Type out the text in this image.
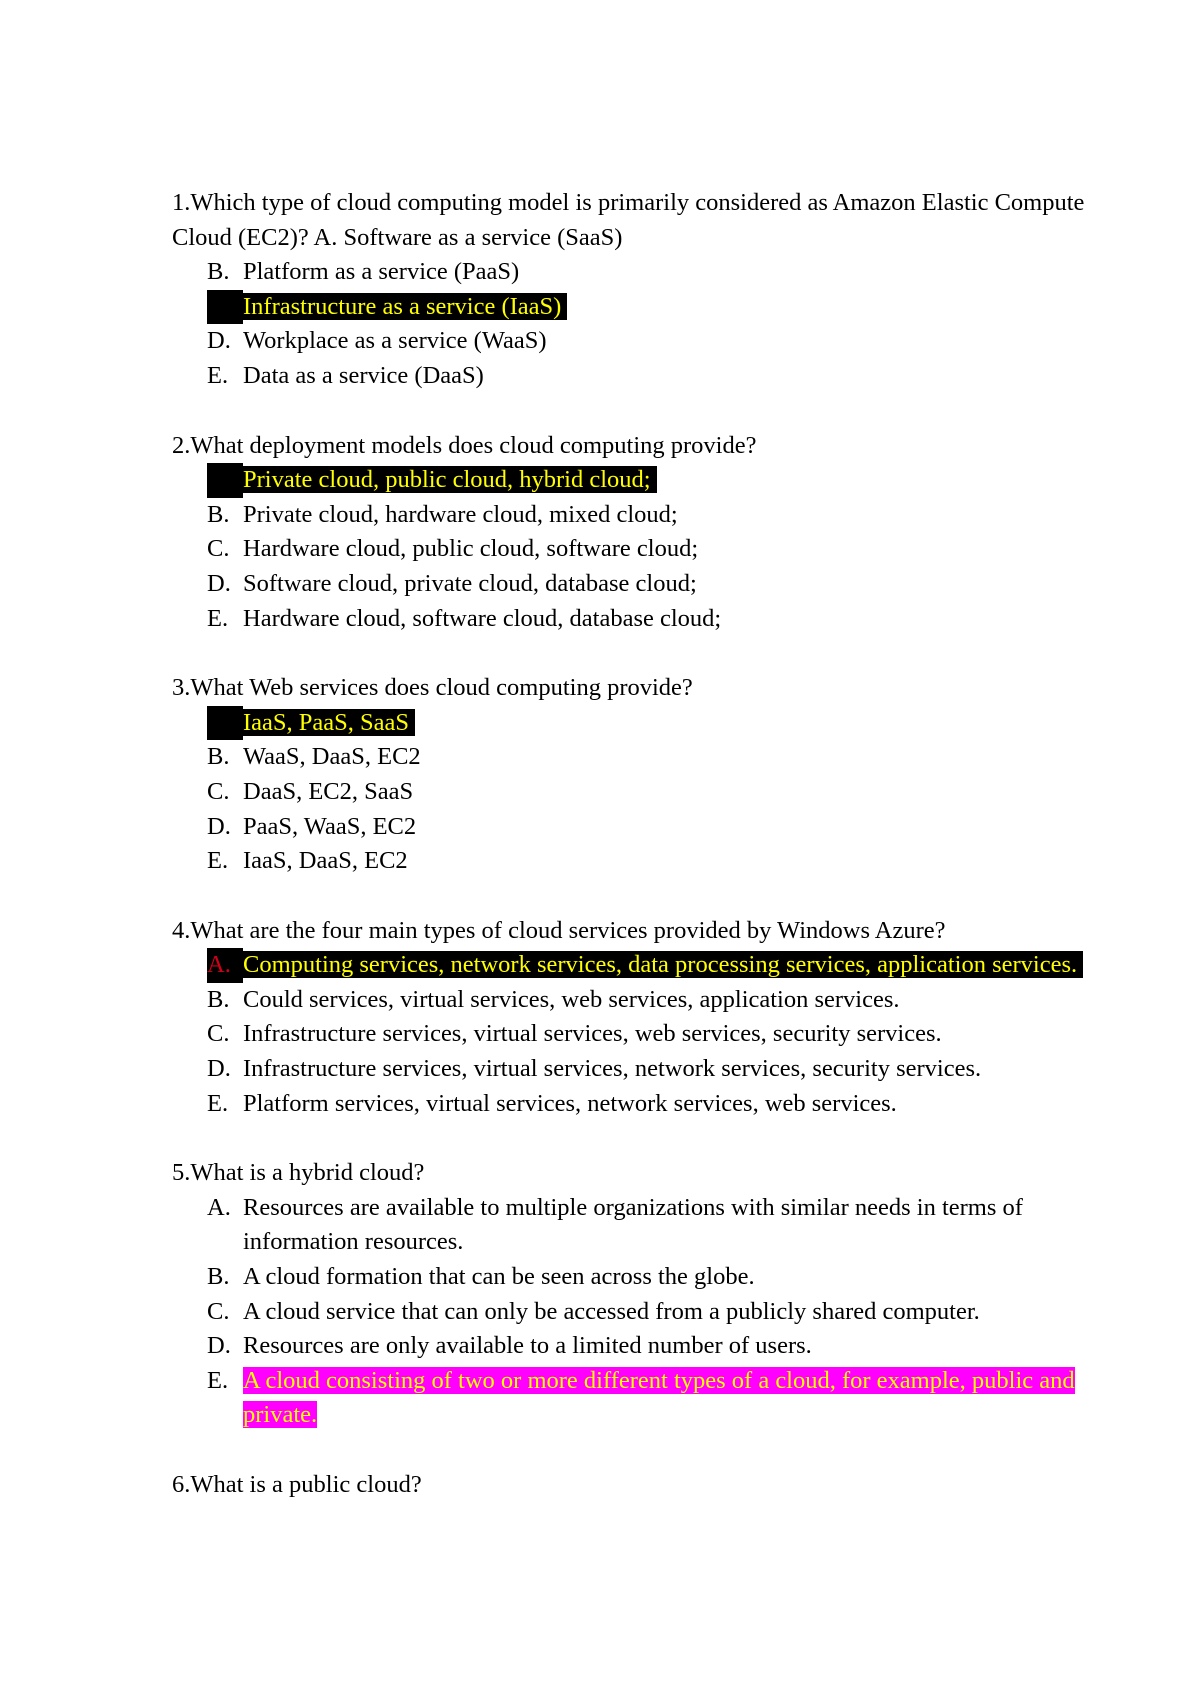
1.Which type of cloud computing model is primarily considered as Amazon Elastic Compute Cloud (EC2)? A. Software as a service (SaaS)

B. Platform as a service (PaaS)
C. Infrastructure as a service (IaaS)
D. Workplace as a service (WaaS)
E. Data as a service (DaaS)

2.What deployment models does cloud computing provide?

A. Private cloud, public cloud, hybrid cloud;
B. Private cloud, hardware cloud, mixed cloud;
C. Hardware cloud, public cloud, software cloud;
D. Software cloud, private cloud, database cloud;
E. Hardware cloud, software cloud, database cloud;

3.What Web services does cloud computing provide?

A. IaaS, PaaS, SaaS
B. WaaS, DaaS, EC2
C. DaaS, EC2, SaaS
D. PaaS, WaaS, EC2
E. IaaS, DaaS, EC2

4.What are the four main types of cloud services provided by Windows Azure?

A. Computing services, network services, data processing services, application services.
B. Could services, virtual services, web services, application services.
C. Infrastructure services, virtual services, web services, security services.
D. Infrastructure services, virtual services, network services, security services.
E. Platform services, virtual services, network services, web services.

5.What is a hybrid cloud?

A. Resources are available to multiple organizations with similar needs in terms of information resources.
B. A cloud formation that can be seen across the globe.
C. A cloud service that can only be accessed from a publicly shared computer.
D. Resources are only available to a limited number of users.
E. A cloud consisting of two or more different types of a cloud, for example, public and private.

6.What is a public cloud?
